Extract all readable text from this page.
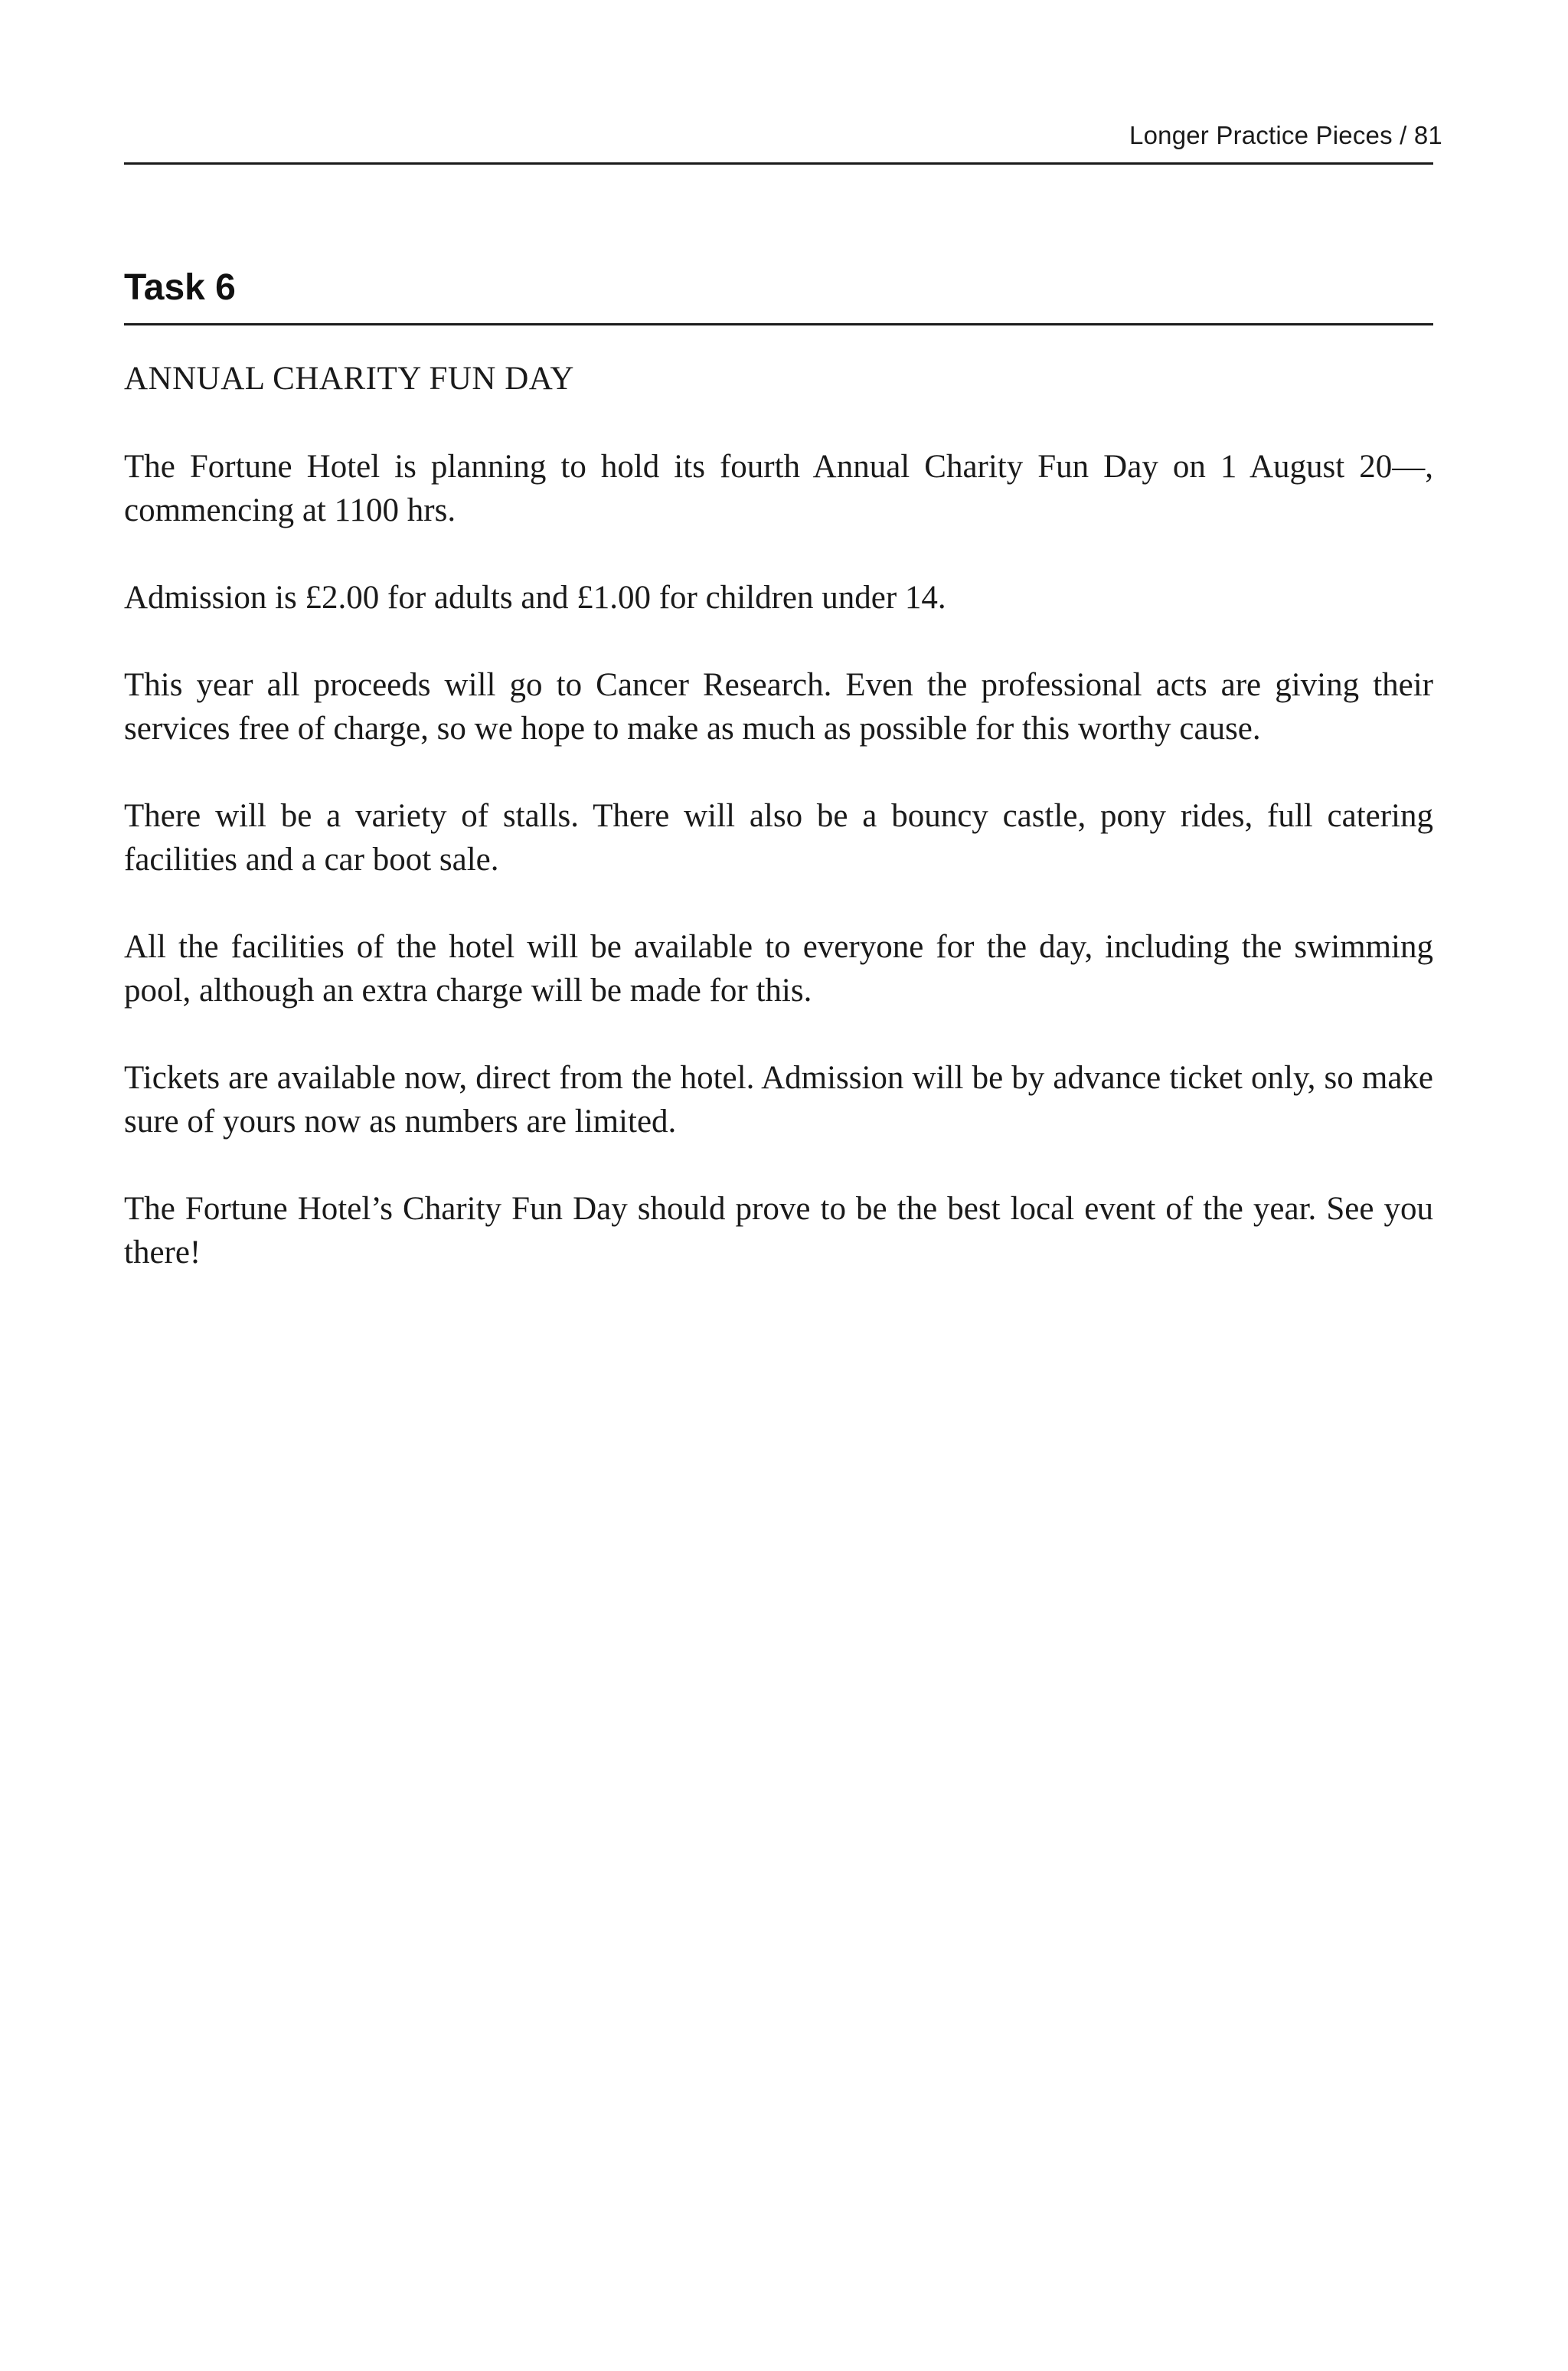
Longer Practice Pieces / 81
Task 6
ANNUAL CHARITY FUN DAY

The Fortune Hotel is planning to hold its fourth Annual Charity Fun Day on 1 August 20—, commencing at 1100 hrs.

Admission is £2.00 for adults and £1.00 for children under 14.

This year all proceeds will go to Cancer Research. Even the professional acts are giving their services free of charge, so we hope to make as much as possible for this worthy cause.

There will be a variety of stalls. There will also be a bouncy castle, pony rides, full catering facilities and a car boot sale.

All the facilities of the hotel will be available to everyone for the day, including the swimming pool, although an extra charge will be made for this.

Tickets are available now, direct from the hotel. Admission will be by advance ticket only, so make sure of yours now as numbers are limited.

The Fortune Hotel’s Charity Fun Day should prove to be the best local event of the year. See you there!
